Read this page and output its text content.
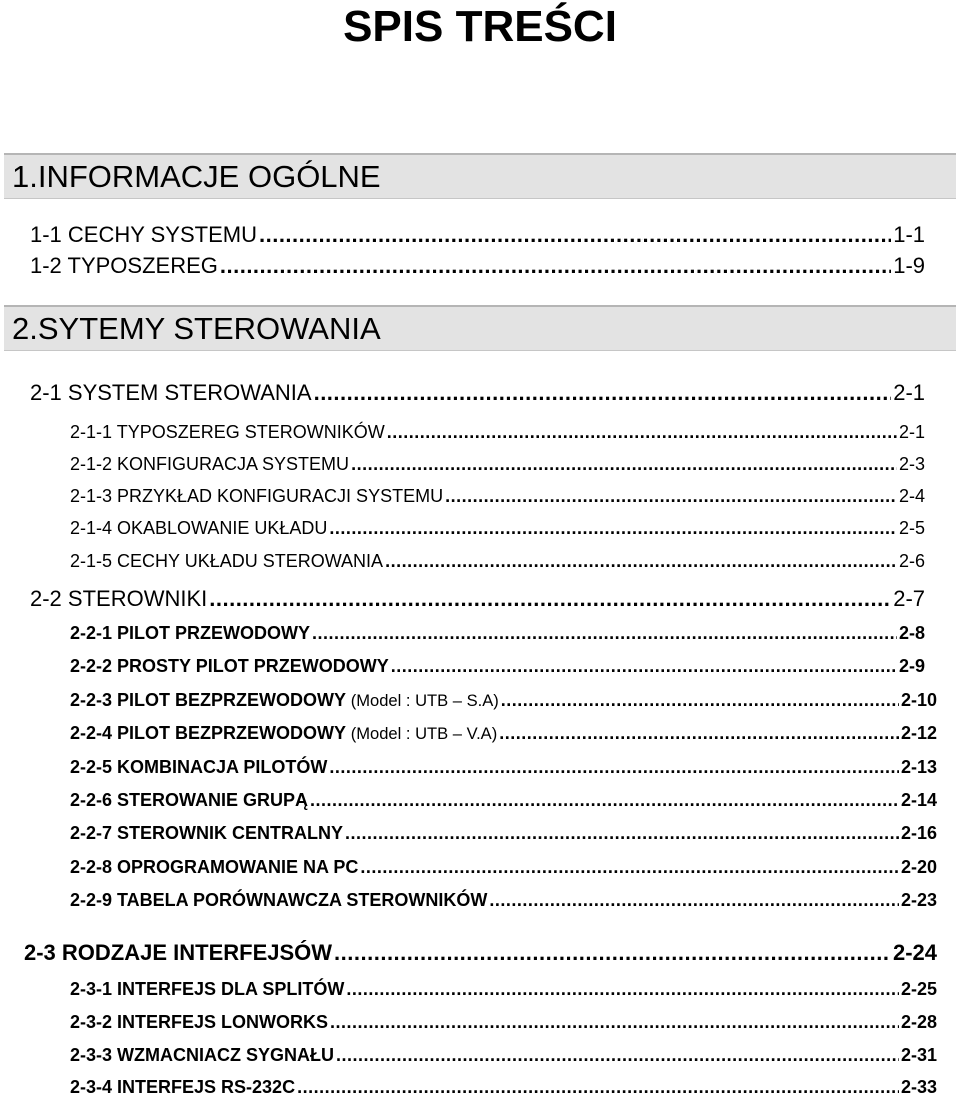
SPIS TREŚCI
1.INFORMACJE OGÓLNE
1-1 CECHY SYSTEMU .....	1-1
1-2 TYPOSZEREG .....	1-9
2.SYTEMY STEROWANIA
2-1 SYSTEM STEROWANIA .....	2-1
2-1-1 TYPOSZEREG STEROWNIKÓW .....	2-1
2-1-2 KONFIGURACJA SYSTEMU .....	2-3
2-1-3 PRZYKŁAD KONFIGURACJI SYSTEMU .....	2-4
2-1-4 OKABLOWANIE UKŁADU .....	2-5
2-1-5 CECHY UKŁADU STEROWANIA .....	2-6
2-2 STEROWNIKI .....	2-7
2-2-1 PILOT PRZEWODOWY .....	2-8
2-2-2 PROSTY PILOT PRZEWODOWY .....	2-9
2-2-3 PILOT BEZPRZEWODOWY (Model : UTB – S.A) .....	2-10
2-2-4 PILOT BEZPRZEWODOWY (Model : UTB – V.A) .....	2-12
2-2-5 KOMBINACJA PILOTÓW .....	2-13
2-2-6 STEROWANIE GRUPĄ .....	2-14
2-2-7 STEROWNIK CENTRALNY .....	2-16
2-2-8 OPROGRAMOWANIE NA PC .....	2-20
2-2-9 TABELA PORÓWNAWCZA STEROWNIKÓW .....	2-23
2-3 RODZAJE INTERFEJSÓW .....	2-24
2-3-1 INTERFEJS DLA SPLITÓW .....	2-25
2-3-2 INTERFEJS LONWORKS .....	2-28
2-3-3 WZMACNIACZ SYGNAŁU .....	2-31
2-3-4 INTERFEJS RS-232C .....	2-33
